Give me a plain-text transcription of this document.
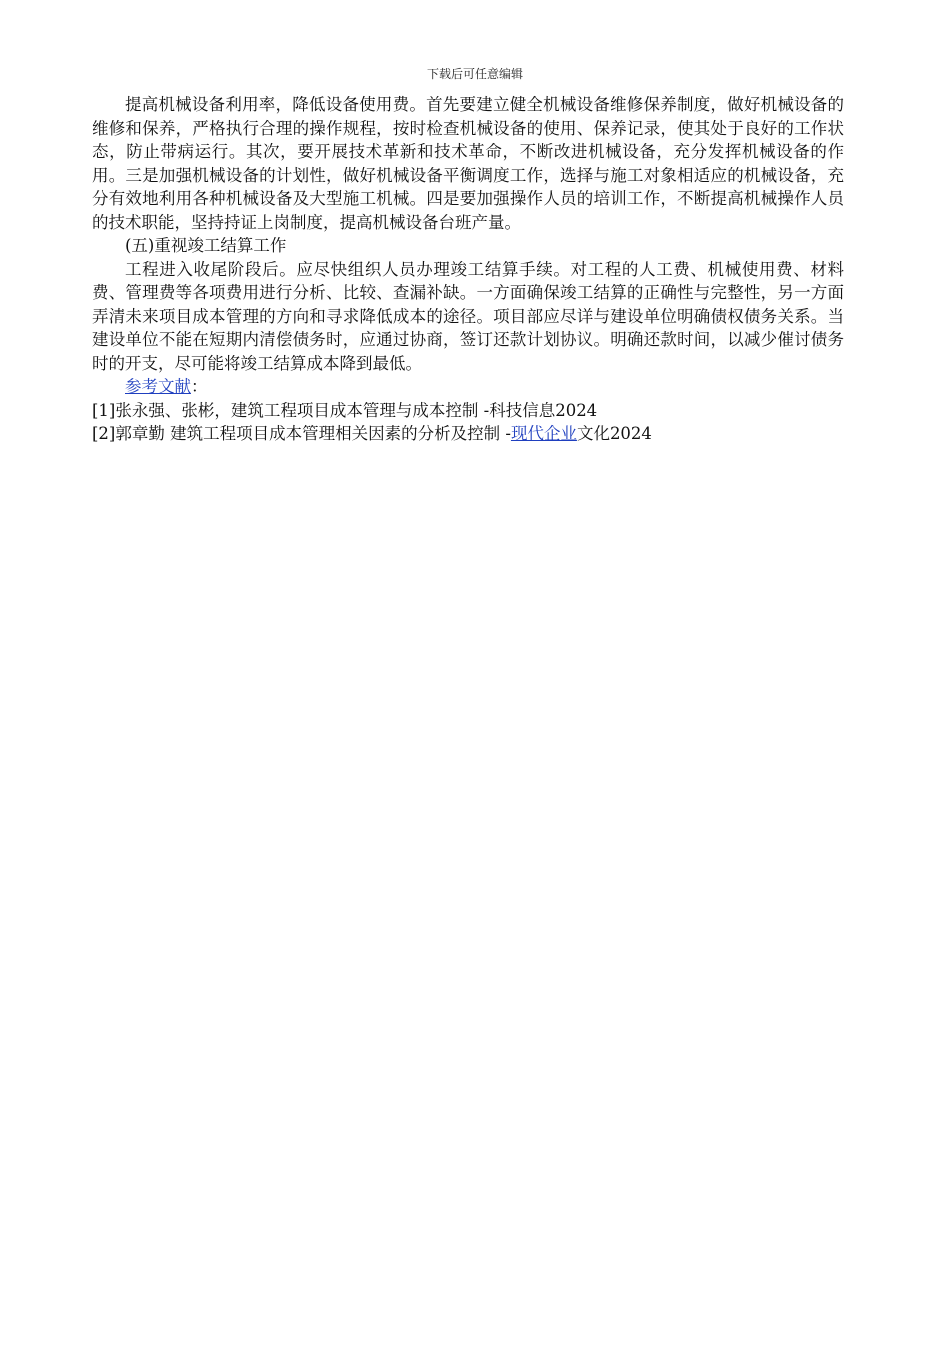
下载后可任意编辑

提高机械设备利用率，降低设备使用费。首先要建立健全机械设备维修保养制度，做好机械设备的维修和保养，严格执行合理的操作规程，按时检查机械设备的使用、保养记录，使其处于良好的工作状态，防止带病运行。其次，要开展技术革新和技术革命，不断改进机械设备，充分发挥机械设备的作用。三是加强机械设备的计划性，做好机械设备平衡调度工作，选择与施工对象相适应的机械设备，充分有效地利用各种机械设备及大型施工机械。四是要加强操作人员的培训工作，不断提高机械操作人员的技术职能，坚持持证上岗制度，提高机械设备台班产量。

(五)重视竣工结算工作

工程进入收尾阶段后。应尽快组织人员办理竣工结算手续。对工程的人工费、机械使用费、材料费、管理费等各项费用进行分析、比较、查漏补缺。一方面确保竣工结算的正确性与完整性，另一方面弄清未来项目成本管理的方向和寻求降低成本的途径。项目部应尽详与建设单位明确债权债务关系。当建设单位不能在短期内清偿债务时，应通过协商，签订还款计划协议。明确还款时间，以减少催讨债务时的开支，尽可能将竣工结算成本降到最低。

参考文献：

[1]张永强、张彬，建筑工程项目成本管理与成本控制 -科技信息2024

[2]郭章勤 建筑工程项目成本管理相关因素的分析及控制 -现代企业文化2024
